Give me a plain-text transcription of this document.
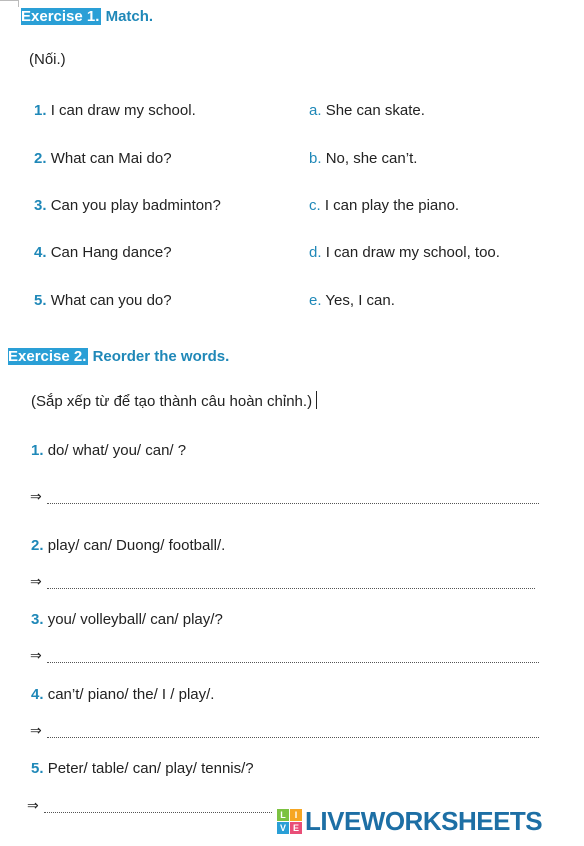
Exercise 1. Match.
(Nối.)
1. I can draw my school.
2. What can Mai do?
3. Can you play badminton?
4. Can Hang dance?
5. What can you do?
a. She can skate.
b. No, she can’t.
c. I can play the piano.
d. I can draw my school, too.
e. Yes, I can.
Exercise 2. Reorder the words.
(Sắp xếp từ để tạo thành câu hoàn chỉnh.)
1. do/ what/ you/ can/ ?
⇒
2. play/ can/ Duong/ football/.
⇒
3. you/ volleyball/ can/ play/?
⇒
4. can’t/ piano/ the/ I / play/.
⇒
5. Peter/ table/ can/ play/ tennis/?
⇒
L I
V E LIVEWORKSHEETS
